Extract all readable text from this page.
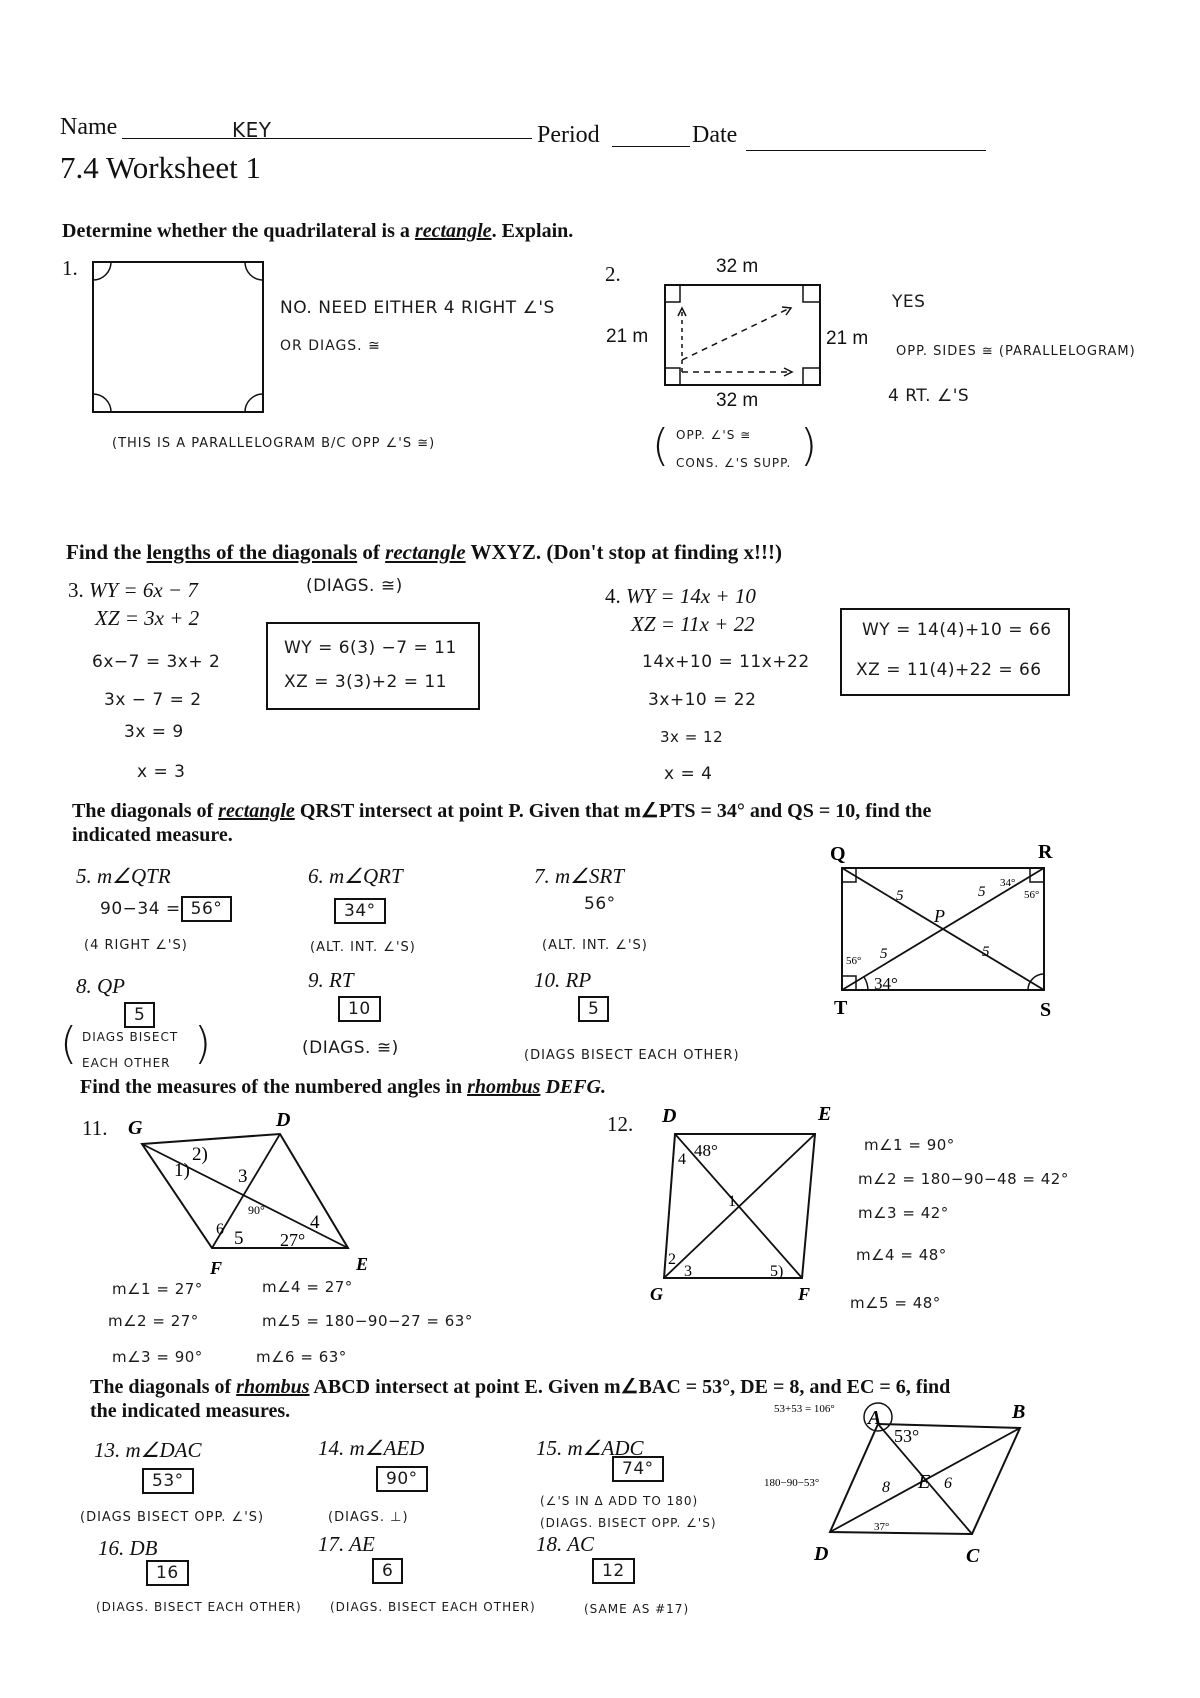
Name	KEY	Period	Date
7.4 Worksheet 1
Determine whether the quadrilateral is a rectangle. Explain.
1.
NO. NEED EITHER 4 RIGHT ∠'S
OR DIAGS. ≅
(THIS IS A PARALLELOGRAM B/C OPP ∠'S ≅)
2.	32 m
32 m
21 m	21 m
YES
OPP. SIDES ≅ (PARALLELOGRAM)
4 RT. ∠'S
( OPP. ∠'S ≅
CONS. ∠'S SUPP. )
Find the lengths of the diagonals of rectangle WXYZ. (Don't stop at finding x!!!)
(DIAGS. ≅)
3. WY = 6x − 7
XZ = 3x + 2
6x−7 = 3x+ 2
3x − 7 = 2
3x = 9
x = 3
WY = 6(3) −7 = 11
XZ = 3(3)+2 = 11
4. WY = 14x + 10
XZ = 11x + 22
14x+10 = 11x+22
3x+10 = 22
3x = 12
x = 4
WY = 14(4)+10 = 66
XZ = 11(4)+22 = 66
The diagonals of rectangle QRST intersect at point P. Given that m∠PTS = 34° and QS = 10, find the
indicated measure.
5. m∠QTR
90−34 = 56°
(4 RIGHT ∠'S)
6. m∠QRT
34°
(ALT. INT. ∠'S)
7. m∠SRT
56°
(ALT. INT. ∠'S)
8. QP
5
( DIAGS BISECT
EACH OTHER )
9. RT
10
(DIAGS. ≅)
10. RP
5
(DIAGS BISECT EACH OTHER)
Q	R
T	S
P
34°
34°
56°
56°
5	5
5	5
Find the measures of the numbered angles in rhombus DEFG.
11. G	D
F	E
2)
1)	3
4
6 5
90°
27°
m∠1 = 27°
m∠2 = 27°
m∠3 = 90°
m∠4 = 27°
m∠5 = 180−90−27 = 63°
m∠6 = 63°
12. D	E
G	F
48°
4
1
2
3	5)
m∠1 = 90°
m∠2 = 180−90−48 = 42°
m∠3 = 42°
m∠4 = 48°
m∠5 = 48°
The diagonals of rhombus ABCD intersect at point E. Given m∠BAC = 53°, DE = 8, and EC = 6, find
the indicated measures.
13. m∠DAC
53°
(DIAGS BISECT OPP. ∠'S)
14. m∠AED
90°
(DIAGS. ⊥)
15. m∠ADC
74°
(∠'S IN Δ ADD TO 180)
(DIAGS. BISECT OPP. ∠'S)
16. DB
16
(DIAGS. BISECT EACH OTHER)
17. AE
6
(DIAGS. BISECT EACH OTHER)
18. AC
12
(SAME AS #17)
A	B
C
D
E
53°
8	6
37°
53+53 = 106°
180−90−53°
